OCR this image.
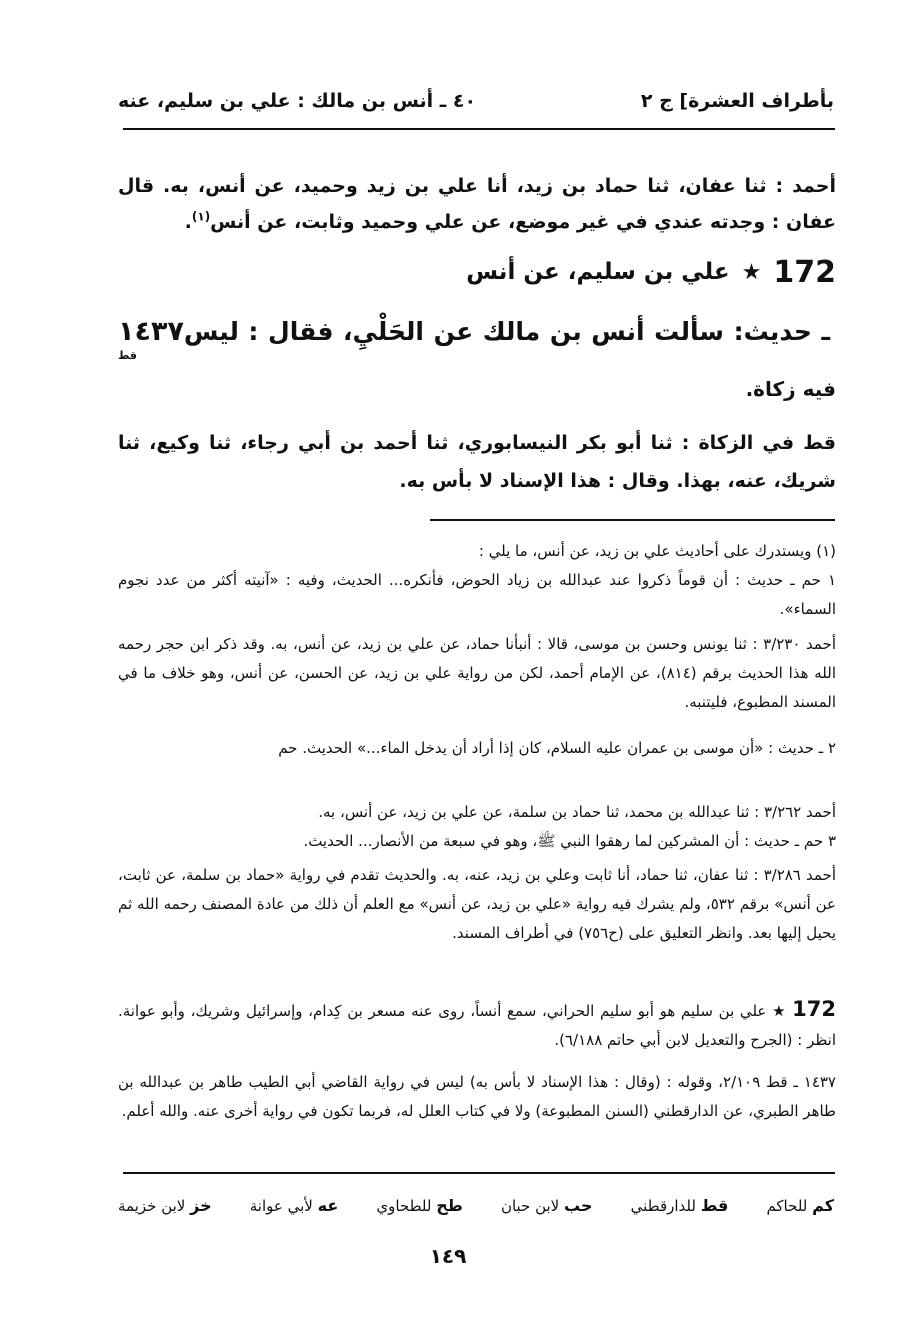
٤٠ ـ أنس بن مالك : علي بن سليم، عنه	بأطراف العشرة] ج ٢
أحمد : ثنا عفان، ثنا حماد بن زيد، أنا علي بن زيد وحميد، عن أنس، به. قال عفان : وجدته عندي في غير موضع، عن علي وحميد وثابت، عن أنس$^{(١)}$.
172
★
علي بن سليم، عن أنس
١٤٣٧
قط
ـ حديث: سألت أنس بن مالك عن الحَلْيِ، فقال : ليس
فيه زكاة.
قط في الزكاة : ثنا أبو بكر النيسابوري، ثنا أحمد بن أبي رجاء، ثنا وكيع، ثنا شريك، عنه، بهذا. وقال : هذا الإسناد لا بأس به.
(١) ويستدرك على أحاديث علي بن زيد، عن أنس، ما يلي :
١ حم ـ حديث : أن قوماً ذكروا عند عبدالله بن زياد الحوض، فأنكره... الحديث، وفيه : «آنيته أكثر من عدد نجوم السماء».
أحمد ٣/٢٣٠ : ثنا يونس وحسن بن موسى، قالا : أنبأنا حماد، عن علي بن زيد، عن أنس، به. وقد ذكر ابن حجر رحمه الله هذا الحديث برقم (٨١٤)، عن الإمام أحمد، لكن من رواية علي بن زيد، عن الحسن، عن أنس، وهو خلاف ما في المسند المطبوع، فليتنبه.
٢ ـ حديث : «أن موسى بن عمران عليه السلام، كان إذا أراد أن يدخل الماء...» الحديث. حم
أحمد ٣/٢٦٢ : ثنا عبدالله بن محمد، ثنا حماد بن سلمة، عن علي بن زيد، عن أنس، به.
٣ حم ـ حديث : أن المشركين لما رهقوا النبي ﷺ، وهو في سبعة من الأنصار... الحديث.
أحمد ٣/٢٨٦ : ثنا عفان، ثنا حماد، أنا ثابت وعلي بن زيد، عنه، به. والحديث تقدم في رواية «حماد بن سلمة، عن ثابت، عن أنس» برقم ٥٣٢، ولم يشرك فيه رواية «علي بن زيد، عن أنس» مع العلم أن ذلك من عادة المصنف رحمه الله ثم يحيل إليها بعد. وانظر التعليق على (ح٧٥٦) في أطراف المسند.
172 ★ علي بن سليم هو أبو سليم الحراني، سمع أنساً، روى عنه مسعر بن كِدام، وإسرائيل وشريك، وأبو عوانة. انظر : (الجرح والتعديل لابن أبي حاتم ٦/١٨٨).
١٤٣٧ ـ قط ٢/١٠٩، وقوله : (وقال : هذا الإسناد لا بأس به) ليس في رواية القاضي أبي الطيب طاهر بن عبدالله بن طاهر الطبري، عن الدارقطني (السنن المطبوعة) ولا في كتاب العلل له، فربما تكون في رواية أخرى عنه. والله أعلم.
خز لابن خزيمة	عه لأبي عوانة	طح للطحاوي	حب لابن حبان	قط للدارقطني	كم للحاكم
١٤٩
